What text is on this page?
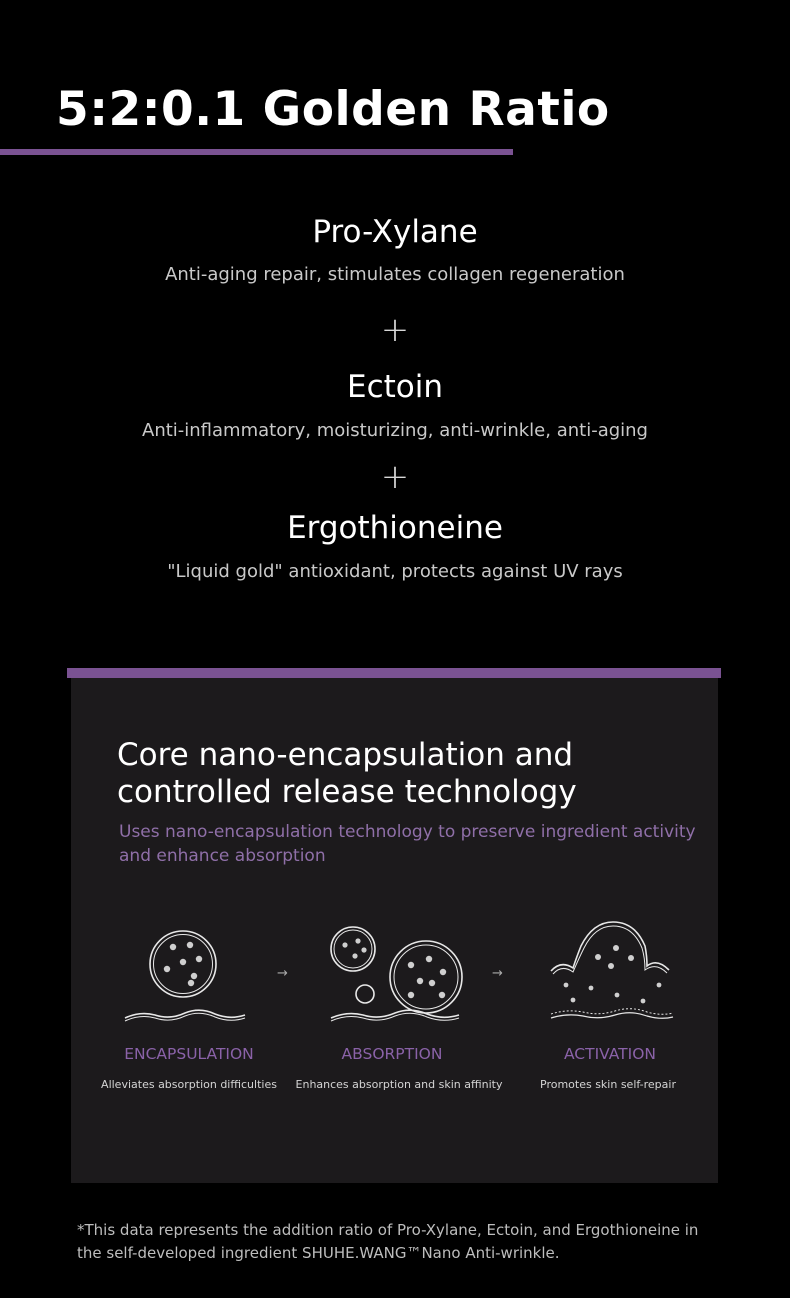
5:2:0.1 Golden Ratio
Pro-Xylane
Anti-aging repair, stimulates collagen regeneration
+
Ectoin
Anti-inflammatory, moisturizing, anti-wrinkle, anti-aging
+
Ergothioneine
"Liquid gold" antioxidant, protects against UV rays
Core nano-encapsulation and controlled release technology
Uses nano-encapsulation technology to preserve ingredient activity and enhance absorption
→	→
ENCAPSULATION
Alleviates absorption difficulties
ABSORPTION
Enhances absorption and skin affinity
ACTIVATION
Promotes skin self-repair
*This data represents the addition ratio of Pro-Xylane, Ectoin, and Ergothioneine in the self-developed ingredient SHUHE.WANG™Nano Anti-wrinkle.
